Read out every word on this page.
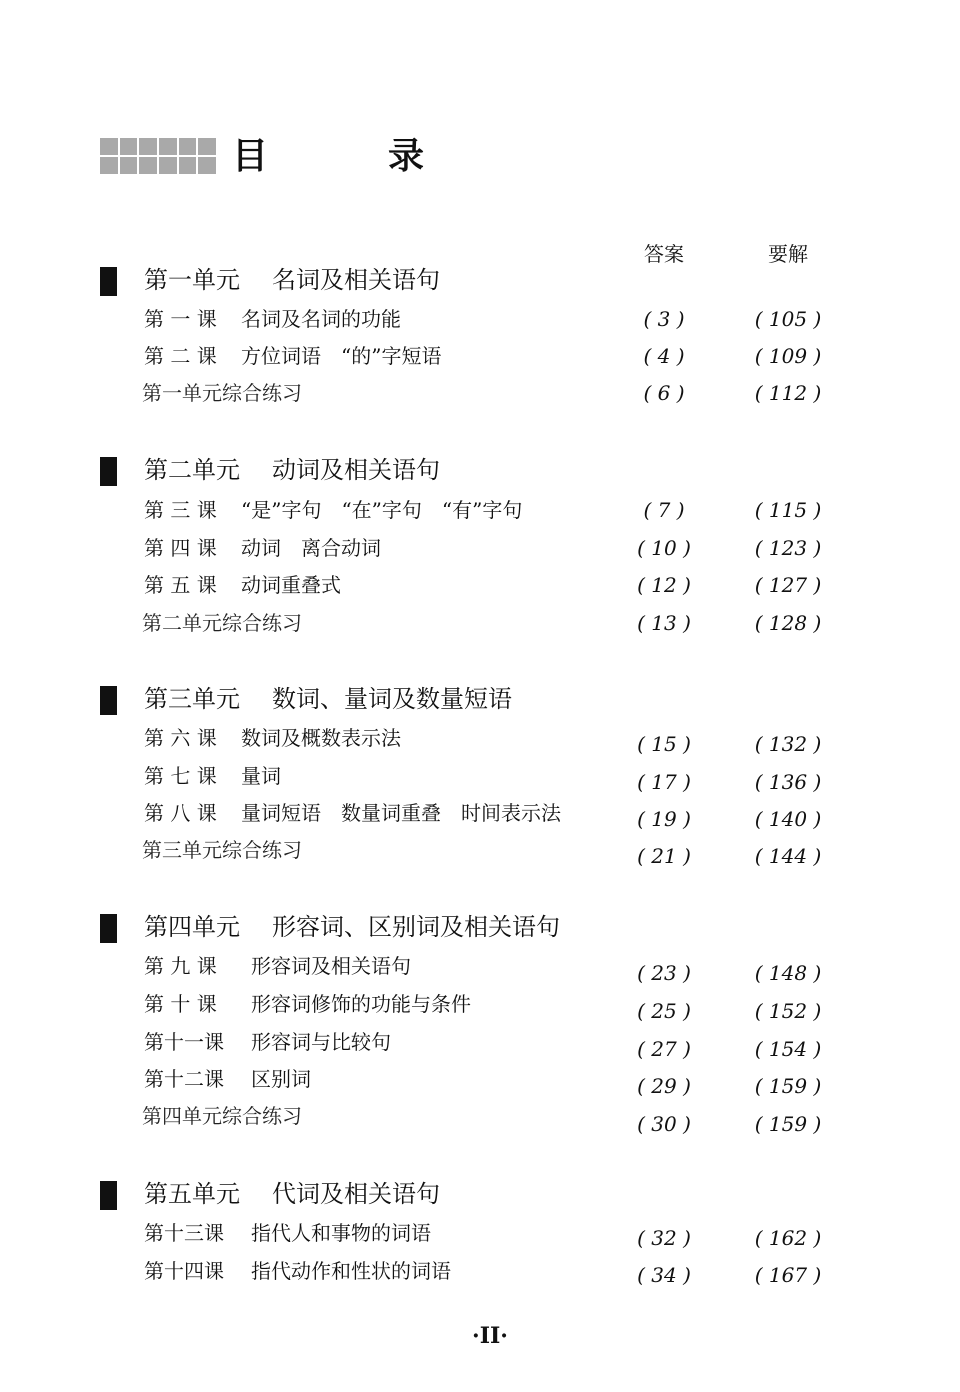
目　录
答案	要解
第一单元 名词及相关语句
第 一 课 名词及名词的功能	( 3 )	( 105 )
第 二 课 方位词语　“的”字短语	( 4 )	( 109 )
第一单元综合练习	( 6 )	( 112 )
第二单元 动词及相关语句
第 三 课 “是”字句　“在”字句　“有”字句	( 7 )	( 115 )
第 四 课 动词　离合动词	( 10 )	( 123 )
第 五 课 动词重叠式	( 12 )	( 127 )
第二单元综合练习	( 13 )	( 128 )
第三单元 数词、量词及数量短语
第 六 课 数词及概数表示法	( 15 )	( 132 )
第 七 课 量词	( 17 )	( 136 )
第 八 课 量词短语　数量词重叠　时间表示法	( 19 )	( 140 )
第三单元综合练习	( 21 )	( 144 )
第四单元 形容词、区别词及相关语句
第 九 课 形容词及相关语句	( 23 )	( 148 )
第 十 课 形容词修饰的功能与条件	( 25 )	( 152 )
第十一课 形容词与比较句	( 27 )	( 154 )
第十二课 区别词	( 29 )	( 159 )
第四单元综合练习	( 30 )	( 159 )
第五单元 代词及相关语句
第十三课 指代人和事物的词语	( 32 )	( 162 )
第十四课 指代动作和性状的词语	( 34 )	( 167 )
·II·
